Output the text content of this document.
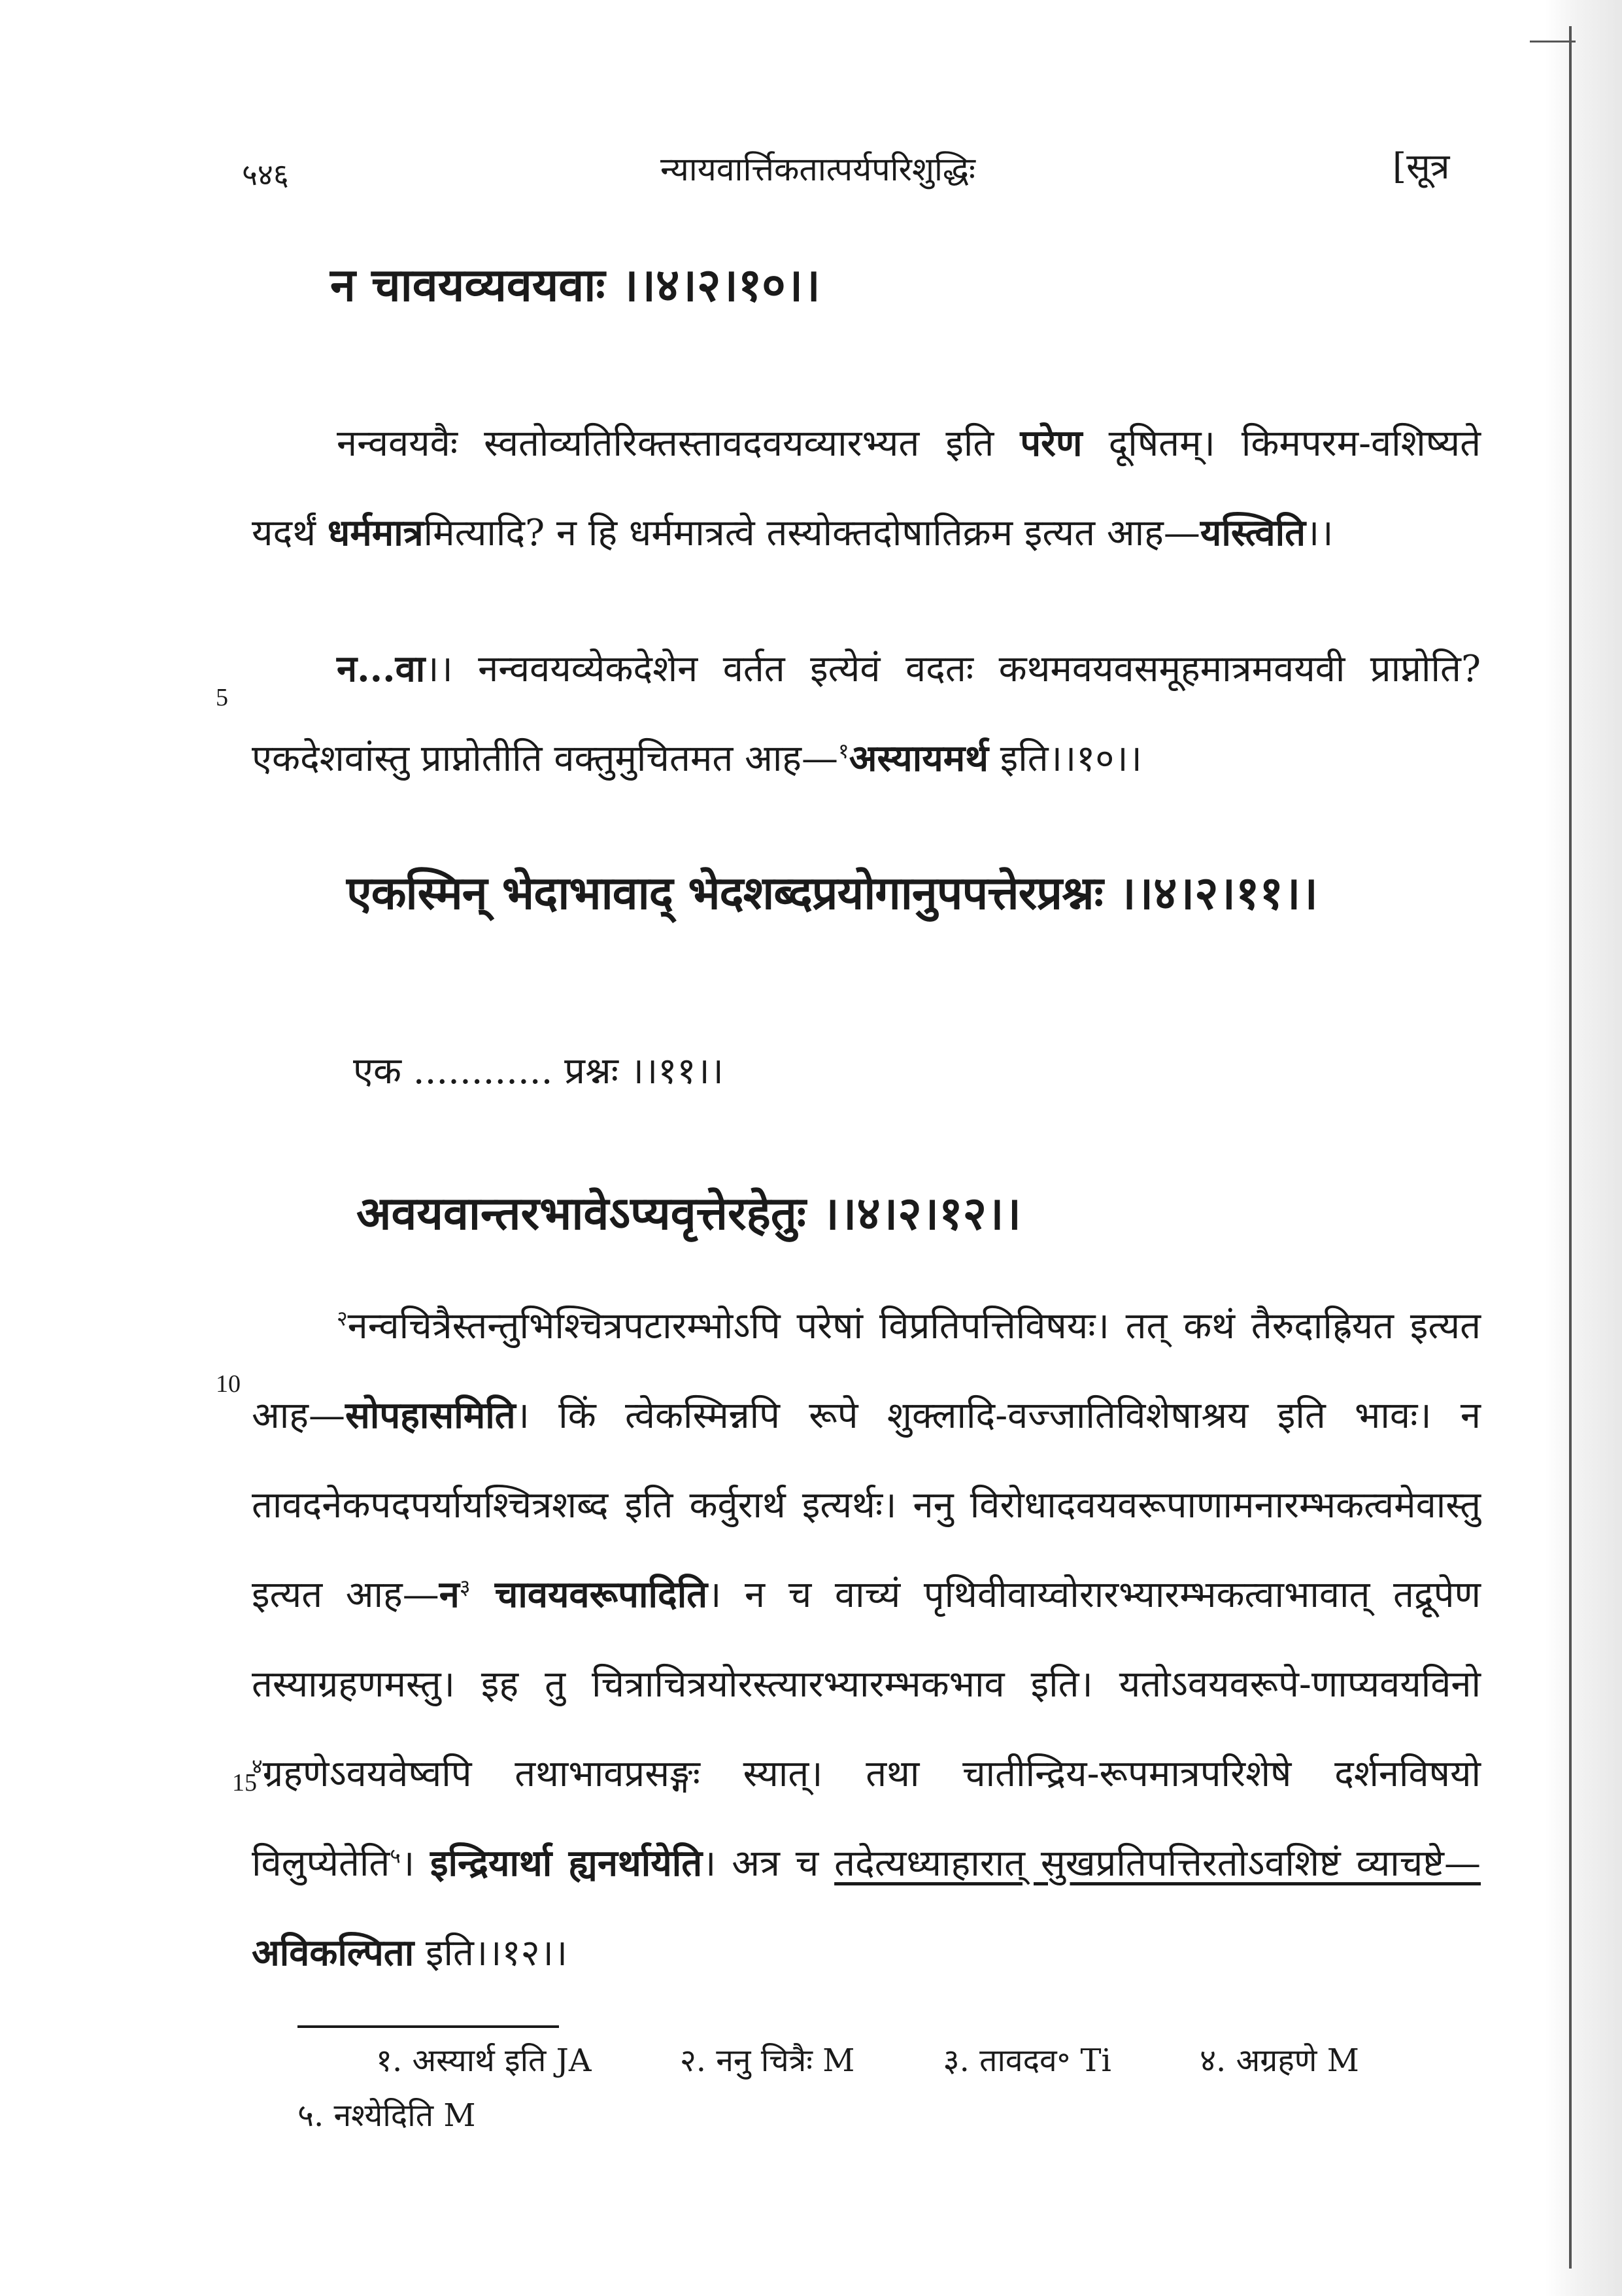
५४६	न्यायवार्त्तिकतात्पर्यपरिशुद्धिः	[सूत्र
न चावयव्यवयवाः ।।४।२।१०।।
नन्ववयवैः स्वतोव्यतिरिक्तस्तावदवयव्यारभ्यत इति परेण दूषितम्। किमपरम-वशिष्यते यदर्थं धर्ममात्रमित्यादि? न हि धर्ममात्रत्वे तस्योक्तदोषातिक्रम इत्यत आह—यस्त्विति।।
5
न...वा।। नन्ववयव्येकदेशेन वर्तत इत्येवं वदतः कथमवयवसमूहमात्रमवयवी प्राप्नोति? एकदेशवांस्तु प्राप्नोतीति वक्तुमुचितमत आह—$^१$अस्यायमर्थ इति।।१०।।
एकस्मिन् भेदाभावाद् भेदशब्दप्रयोगानुपपत्तेरप्रश्नः ।।४।२।११।।
एक ............ प्रश्नः ।।११।।
अवयवान्तरभावेऽप्यवृत्तेरहेतुः ।।४।२।१२।।
10
15
$^२$नन्वचित्रैस्तन्तुभिश्चित्रपटारम्भोऽपि परेषां विप्रतिपत्तिविषयः। तत् कथं तैरुदाह्रियत इत्यत आह—सोपहासमिति। किं त्वेकस्मिन्नपि रूपे शुक्लादि-वज्जातिविशेषाश्रय इति भावः। न तावदनेकपदपर्यायश्चित्रशब्द इति कर्वुरार्थ इत्यर्थः। ननु विरोधादवयवरूपाणामनारम्भकत्वमेवास्तु इत्यत आह—न$^३$ चावयवरूपादिति। न च वाच्यं पृथिवीवाय्वोरारभ्यारम्भकत्वाभावात् तद्रूपेण तस्याग्रहणमस्तु। इह तु चित्राचित्रयोरस्त्यारभ्यारम्भकभाव इति। यतोऽवयवरूपे-णाप्यवयविनो $^४$ग्रहणेऽवयवेष्वपि तथाभावप्रसङ्गः स्यात्। तथा चातीन्द्रिय-रूपमात्रपरिशेषे दर्शनविषयो विलुप्येतेति$^५$। इन्द्रियार्था ह्यनर्थायेति। अत्र च तदेत्यध्याहारात् सुखप्रतिपत्तिरतोऽवशिष्टं व्याचष्टे—अविकल्पिता इति।।१२।।
१. अस्यार्थ इति JA	२. ननु चित्रैः M	३. तावदव॰ Ti	४. अग्रहणे M
५. नश्येदिति M
